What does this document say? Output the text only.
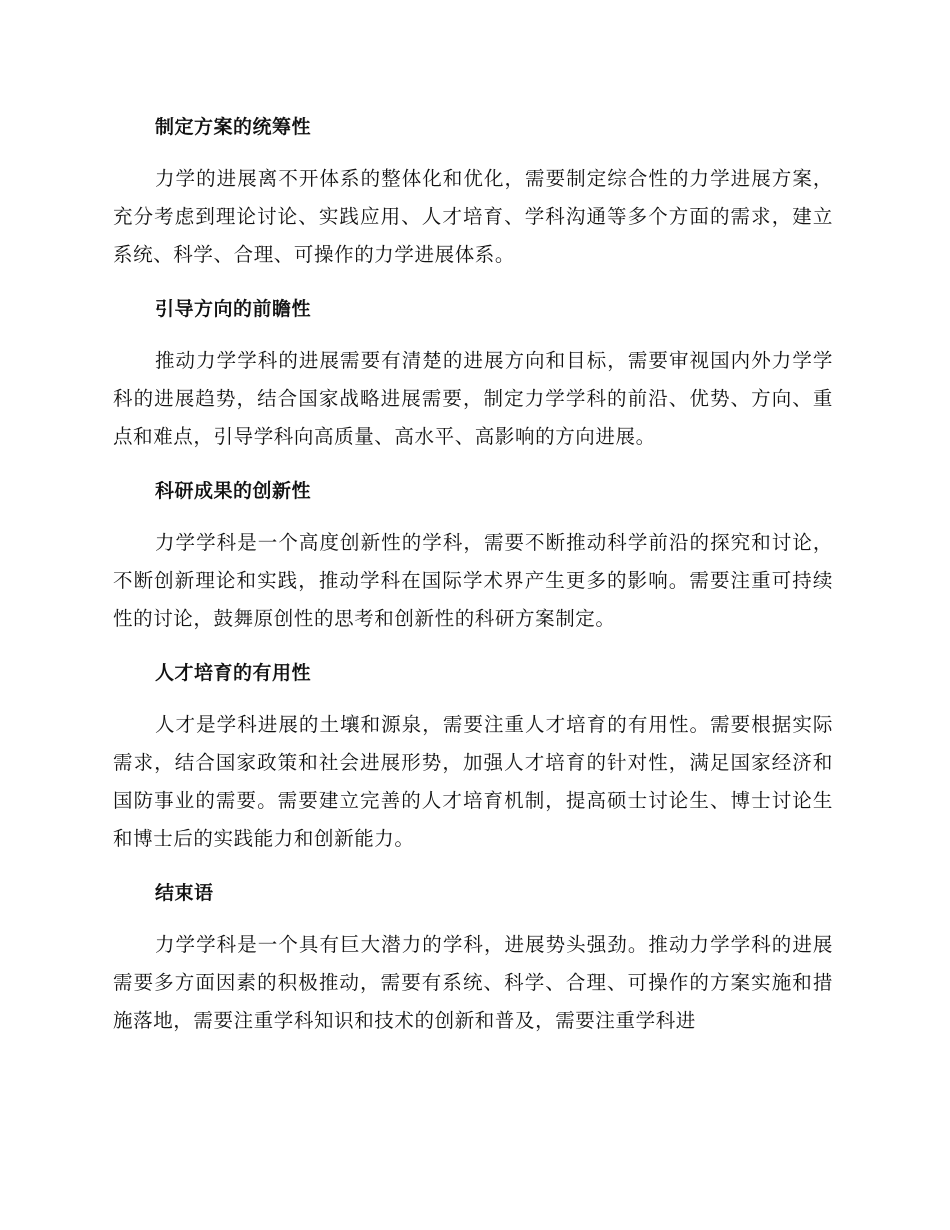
制定方案的统筹性

力学的进展离不开体系的整体化和优化，需要制定综合性的力学进展方案，充分考虑到理论讨论、实践应用、人才培育、学科沟通等多个方面的需求，建立系统、科学、合理、可操作的力学进展体系。

引导方向的前瞻性

推动力学学科的进展需要有清楚的进展方向和目标，需要审视国内外力学学科的进展趋势，结合国家战略进展需要，制定力学学科的前沿、优势、方向、重点和难点，引导学科向高质量、高水平、高影响的方向进展。

科研成果的创新性

力学学科是一个高度创新性的学科，需要不断推动科学前沿的探究和讨论，不断创新理论和实践，推动学科在国际学术界产生更多的影响。需要注重可持续性的讨论，鼓舞原创性的思考和创新性的科研方案制定。

人才培育的有用性

人才是学科进展的土壤和源泉，需要注重人才培育的有用性。需要根据实际需求，结合国家政策和社会进展形势，加强人才培育的针对性，满足国家经济和国防事业的需要。需要建立完善的人才培育机制，提高硕士讨论生、博士讨论生和博士后的实践能力和创新能力。

结束语

力学学科是一个具有巨大潜力的学科，进展势头强劲。推动力学学科的进展需要多方面因素的积极推动，需要有系统、科学、合理、可操作的方案实施和措施落地，需要注重学科知识和技术的创新和普及，需要注重学科进
